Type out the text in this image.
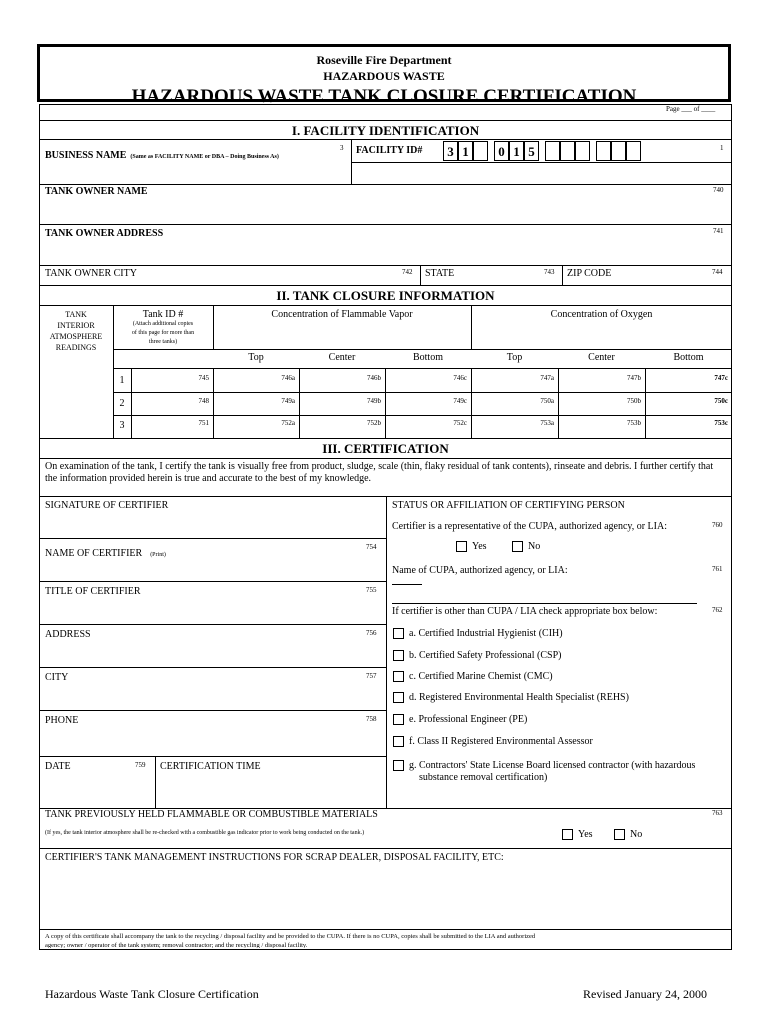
Roseville Fire Department
HAZARDOUS WASTE
HAZARDOUS WASTE TANK CLOSURE CERTIFICATION
Page ___ of ____
I. FACILITY IDENTIFICATION
BUSINESS NAME (Same as FACILITY NAME or DBA – Doing Business As)
3 FACILITY ID#	1
3 1	0 1 5
TANK OWNER NAME	740
TANK OWNER ADDRESS	741
TANK OWNER CITY	742 STATE	743 ZIP CODE	744
II. TANK CLOSURE INFORMATION
TANK
INTERIOR
ATMOSPHERE
READINGS
Tank ID #
(Attach additional copies
of this page for more than
three tanks)
Concentration of Flammable Vapor	Concentration of Oxygen
Top	Center	Bottom	Top	Center	Bottom
1	745	746a	746b	746c	747a	747b	747c
2	748	749a	749b	749c	750a	750b	750c
3	751	752a	752b	752c	753a	753b	753c
III. CERTIFICATION
On examination of the tank, I certify the tank is visually free from product, sludge, scale (thin, flaky residual of tank contents), rinseate and debris. I further certify that the information provided herein is true and accurate to the best of my knowledge.
SIGNATURE OF CERTIFIER
NAME OF CERTIFIER (Print)
754
TITLE OF CERTIFIER	755
ADDRESS	756
CITY	757
PHONE	758
DATE	759 CERTIFICATION TIME
STATUS OR AFFILIATION OF CERTIFYING PERSON
Certifier is a representative of the CUPA, authorized agency, or LIA:	760
Yes	No
Name of CUPA, authorized agency, or LIA:	761
If certifier is other than CUPA / LIA check appropriate box below:	762
a. Certified Industrial Hygienist (CIH)
b. Certified Safety Professional (CSP)
c. Certified Marine Chemist (CMC)
d. Registered Environmental Health Specialist (REHS)
e. Professional Engineer (PE)
f. Class II Registered Environmental Assessor
g. Contractors' State License Board licensed contractor (with hazardous
substance removal certification)
TANK PREVIOUSLY HELD FLAMMABLE OR COMBUSTIBLE MATERIALS	763
(If yes, the tank interior atmosphere shall be re-checked with a combustible gas indicator prior to work being conducted on the tank.)	Yes	No
CERTIFIER'S TANK MANAGEMENT INSTRUCTIONS FOR SCRAP DEALER, DISPOSAL FACILITY, ETC:
A copy of this certificate shall accompany the tank to the recycling / disposal facility and be provided to the CUPA. If there is no CUPA, copies shall be submitted to the LIA and authorized
agency; owner / operator of the tank system; removal contractor; and the recycling / disposal facility.
Hazardous Waste Tank Closure Certification	Revised January 24, 2000
